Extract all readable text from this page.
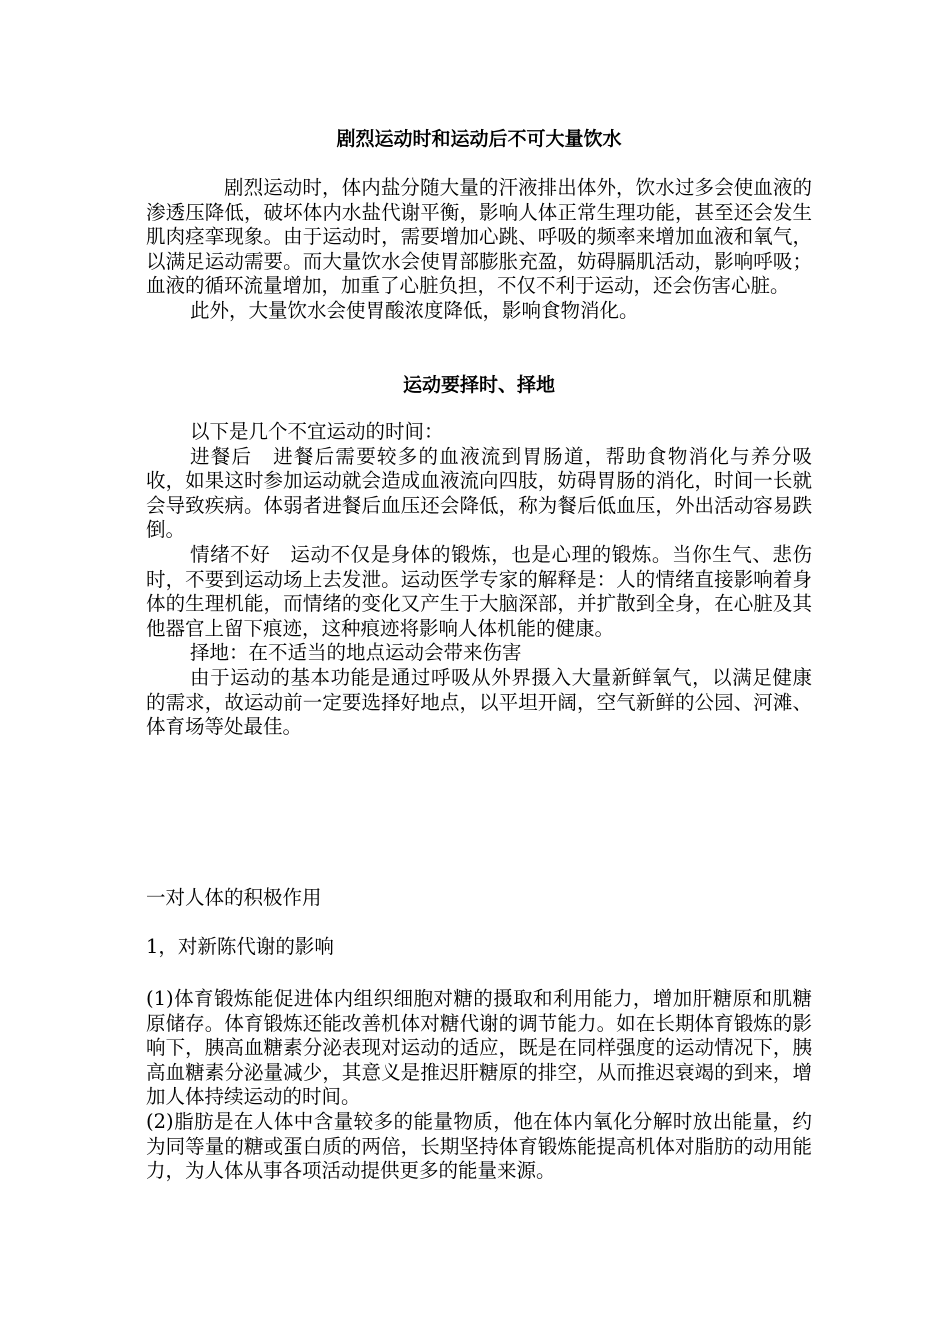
剧烈运动时和运动后不可大量饮水

剧烈运动时，体内盐分随大量的汗液排出体外，饮水过多会使血液的渗透压降低，破坏体内水盐代谢平衡，影响人体正常生理功能，甚至还会发生肌肉痉挛现象。由于运动时，需要增加心跳、呼吸的频率来增加血液和氧气，以满足运动需要。而大量饮水会使胃部膨胀充盈，妨碍膈肌活动，影响呼吸；血液的循环流量增加，加重了心脏负担，不仅不利于运动，还会伤害心脏。

此外，大量饮水会使胃酸浓度降低，影响食物消化。

运动要择时、择地

以下是几个不宜运动的时间：

进餐后　进餐后需要较多的血液流到胃肠道，帮助食物消化与养分吸收，如果这时参加运动就会造成血液流向四肢，妨碍胃肠的消化，时间一长就会导致疾病。体弱者进餐后血压还会降低，称为餐后低血压，外出活动容易跌倒。

情绪不好　运动不仅是身体的锻炼，也是心理的锻炼。当你生气、悲伤时，不要到运动场上去发泄。运动医学专家的解释是：人的情绪直接影响着身体的生理机能，而情绪的变化又产生于大脑深部，并扩散到全身，在心脏及其他器官上留下痕迹，这种痕迹将影响人体机能的健康。

择地：在不适当的地点运动会带来伤害

由于运动的基本功能是通过呼吸从外界摄入大量新鲜氧气，以满足健康的需求，故运动前一定要选择好地点，以平坦开阔，空气新鲜的公园、河滩、体育场等处最佳。

一对人体的积极作用
1，对新陈代谢的影响

(1)体育锻炼能促进体内组织细胞对糖的摄取和利用能力，增加肝糖原和肌糖原储存。体育锻炼还能改善机体对糖代谢的调节能力。如在长期体育锻炼的影响下，胰高血糖素分泌表现对运动的适应，既是在同样强度的运动情况下，胰高血糖素分泌量减少，其意义是推迟肝糖原的排空，从而推迟衰竭的到来，增加人体持续运动的时间。

(2)脂肪是在人体中含量较多的能量物质，他在体内氧化分解时放出能量，约为同等量的糖或蛋白质的两倍，长期坚持体育锻炼能提高机体对脂肪的动用能力，为人体从事各项活动提供更多的能量来源。
